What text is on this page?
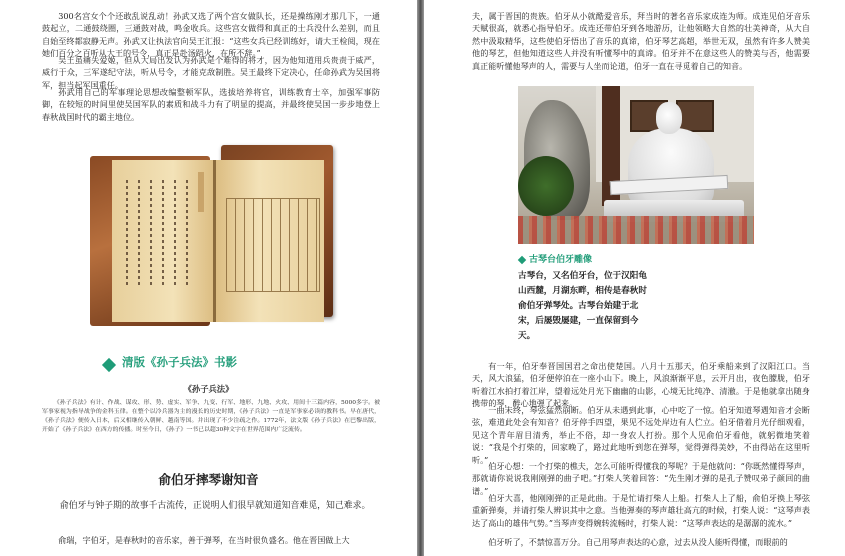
300名宫女个个还敢乱说乱动！孙武又选了两个宫女做队长，还是操练刚才那几下，一通鼓起立，二通鼓绕圈，三通鼓对战，鸣金收兵。这些宫女做得和真正的士兵没什么差别，而且自始至终都寂静无声。孙武又让执法官向吴王汇报：“这些女兵已经训练好，请大王检阅，现在她们百分之百听从大王的号令，真正是赴汤蹈火，在所不辞。”

吴王虽痛失爱姬，但从大局出发认为孙武是个难得的将才，因为他知道用兵贵责于威严，威行于众，三军遂纪守法，听从号令，才能克敌制胜。吴王最终下定决心，任命孙武为吴国将军，担当起军国重任。

孙武用自己的军事理论思想改编整顿军队，选拔培养将官，训练教育士卒，加强军事防御，在较短的时间里使吴国军队的素质和战斗力有了明显的提高，并最终使吴国一步步地登上春秋战国时代的霸主地位。

清版《孙子兵法》书影
《孙子兵法》

《孙子兵法》有计、作战、谋攻、形、势、虚实、军争、九变、行军、地形、九地、火攻、用间十三篇内容，5000多字。被军事家视为指导战争的金科玉律。在整个以冷兵器为主的漫长的历史时期，《孙子兵法》一直是军事家必读的教科书。早在唐代，《孙子兵法》便传入日本，后又相继传入朝鲜、越南等国。并出现了不少注疏之作。1772年，法文版《孙子兵法》在巴黎出版，开始了《孙子兵法》在西方的传播。时至今日，《孙子》一书已以超30种文字在世界范围内广泛流传。

俞伯牙摔琴谢知音

俞伯牙与钟子期的故事千古流传，正说明人们很早就知道知音难觅，知己难求。

俞瑞，字伯牙，是春秋时的音乐家，善于弹琴，在当时很负盛名。他在晋国做上大

夫，属于晋国的贵族。伯牙从小就酷爱音乐，拜当时的著名音乐家成连为师。成连见伯牙音乐天赋很高，就悉心指导伯牙。成连还带伯牙到各地游历，让他领略大自然的壮美神奇，从大自然中汲取精华，这些使伯牙悟出了音乐的真谛，伯牙琴艺高超，举世无双，虽然有许多人赞美他的琴艺，但他知道这些人并没有听懂琴中的真谛。伯牙并不在意这些人的赞美与否，他需要真正能听懂他琴声的人，需要与人坐而论道，伯牙一直在寻觅着自己的知音。

有一年，伯牙奉晋国国君之命出使楚国。八月十五那天，伯牙乘船来到了汉阳江口。当天，风大浪猛，伯牙便停泊在一座小山下。晚上，风浪渐渐平息，云开月出，夜色朦胧，伯牙听着江水拍打着江岸，望着远处月光下幽幽的山影，心境无比纯净、清澈。于是他就拿出随身携带的琴，醉心地弹了起来。

一曲未终，琴弦猛然崩断。伯牙从未遇到此事，心中吃了一惊。伯牙知道琴遇知音才会断弦，难道此处会有知音？伯牙停手四望，果见不远处岸边有人伫立。伯牙借着月光仔细观看，见这个青年眉目清秀，举止不俗，却一身农人打扮。那个人见俞伯牙看他，就躬微地笑着说：“我是个打柴的，回家晚了，路过此地听到您在弹琴，觉得弹得美妙，不由得站在这里听听。”

伯牙心想：一个打柴的樵夫，怎么可能听得懂我的琴呢？于是他就问：“你既然懂得琴声，那就请你说说我刚刚弹的曲子吧。”打柴人笑着回答：“先生刚才弹的是孔子赞叹弟子颜回的曲谱。”

伯牙大喜，他刚刚弹的正是此曲。于是忙请打柴人上船。打柴人上了船，俞伯牙换上琴弦重新弹奏，并请打柴人辨识其中之意。当他弹奏的琴声雄壮高亢的时候，打柴人说：“这琴声表达了高山的雄伟气势。”当琴声变得婉转流畅时，打柴人说：“这琴声表达的是潺潺的流水。”

伯牙听了，不禁惊喜万分。自己用琴声表达的心意，过去从没人能听得懂，而眼前的

古琴台伯牙雕像

古琴台，又名伯牙台，位于汉阳龟山西麓，月湖东畔，相传是春秋时俞伯牙弹琴处。古琴台始建于北宋，后屡毁屡建，一直保留到今天。
